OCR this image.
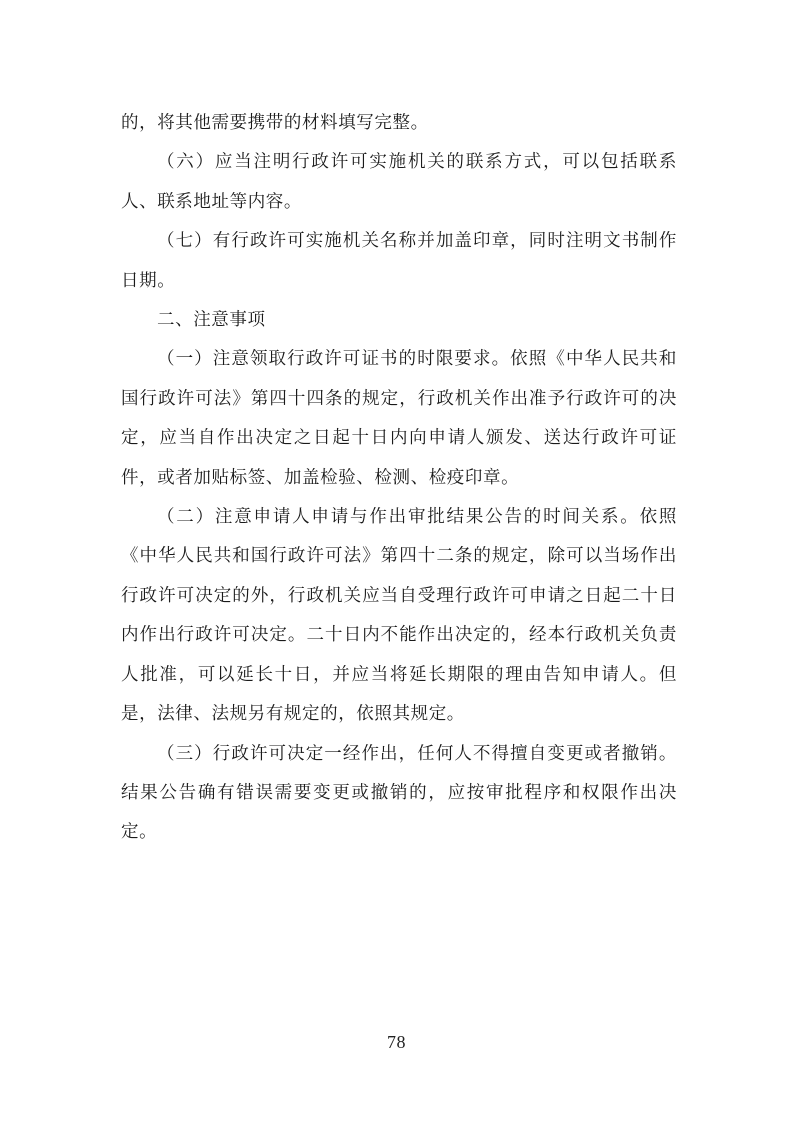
的，将其他需要携带的材料填写完整。

（六）应当注明行政许可实施机关的联系方式，可以包括联系人、联系地址等内容。

（七）有行政许可实施机关名称并加盖印章，同时注明文书制作日期。

二、注意事项

（一）注意领取行政许可证书的时限要求。依照《中华人民共和国行政许可法》第四十四条的规定，行政机关作出准予行政许可的决定，应当自作出决定之日起十日内向申请人颁发、送达行政许可证件，或者加贴标签、加盖检验、检测、检疫印章。

（二）注意申请人申请与作出审批结果公告的时间关系。依照《中华人民共和国行政许可法》第四十二条的规定，除可以当场作出行政许可决定的外，行政机关应当自受理行政许可申请之日起二十日内作出行政许可决定。二十日内不能作出决定的，经本行政机关负责人批准，可以延长十日，并应当将延长期限的理由告知申请人。但是，法律、法规另有规定的，依照其规定。

（三）行政许可决定一经作出，任何人不得擅自变更或者撤销。结果公告确有错误需要变更或撤销的，应按审批程序和权限作出决定。

78
